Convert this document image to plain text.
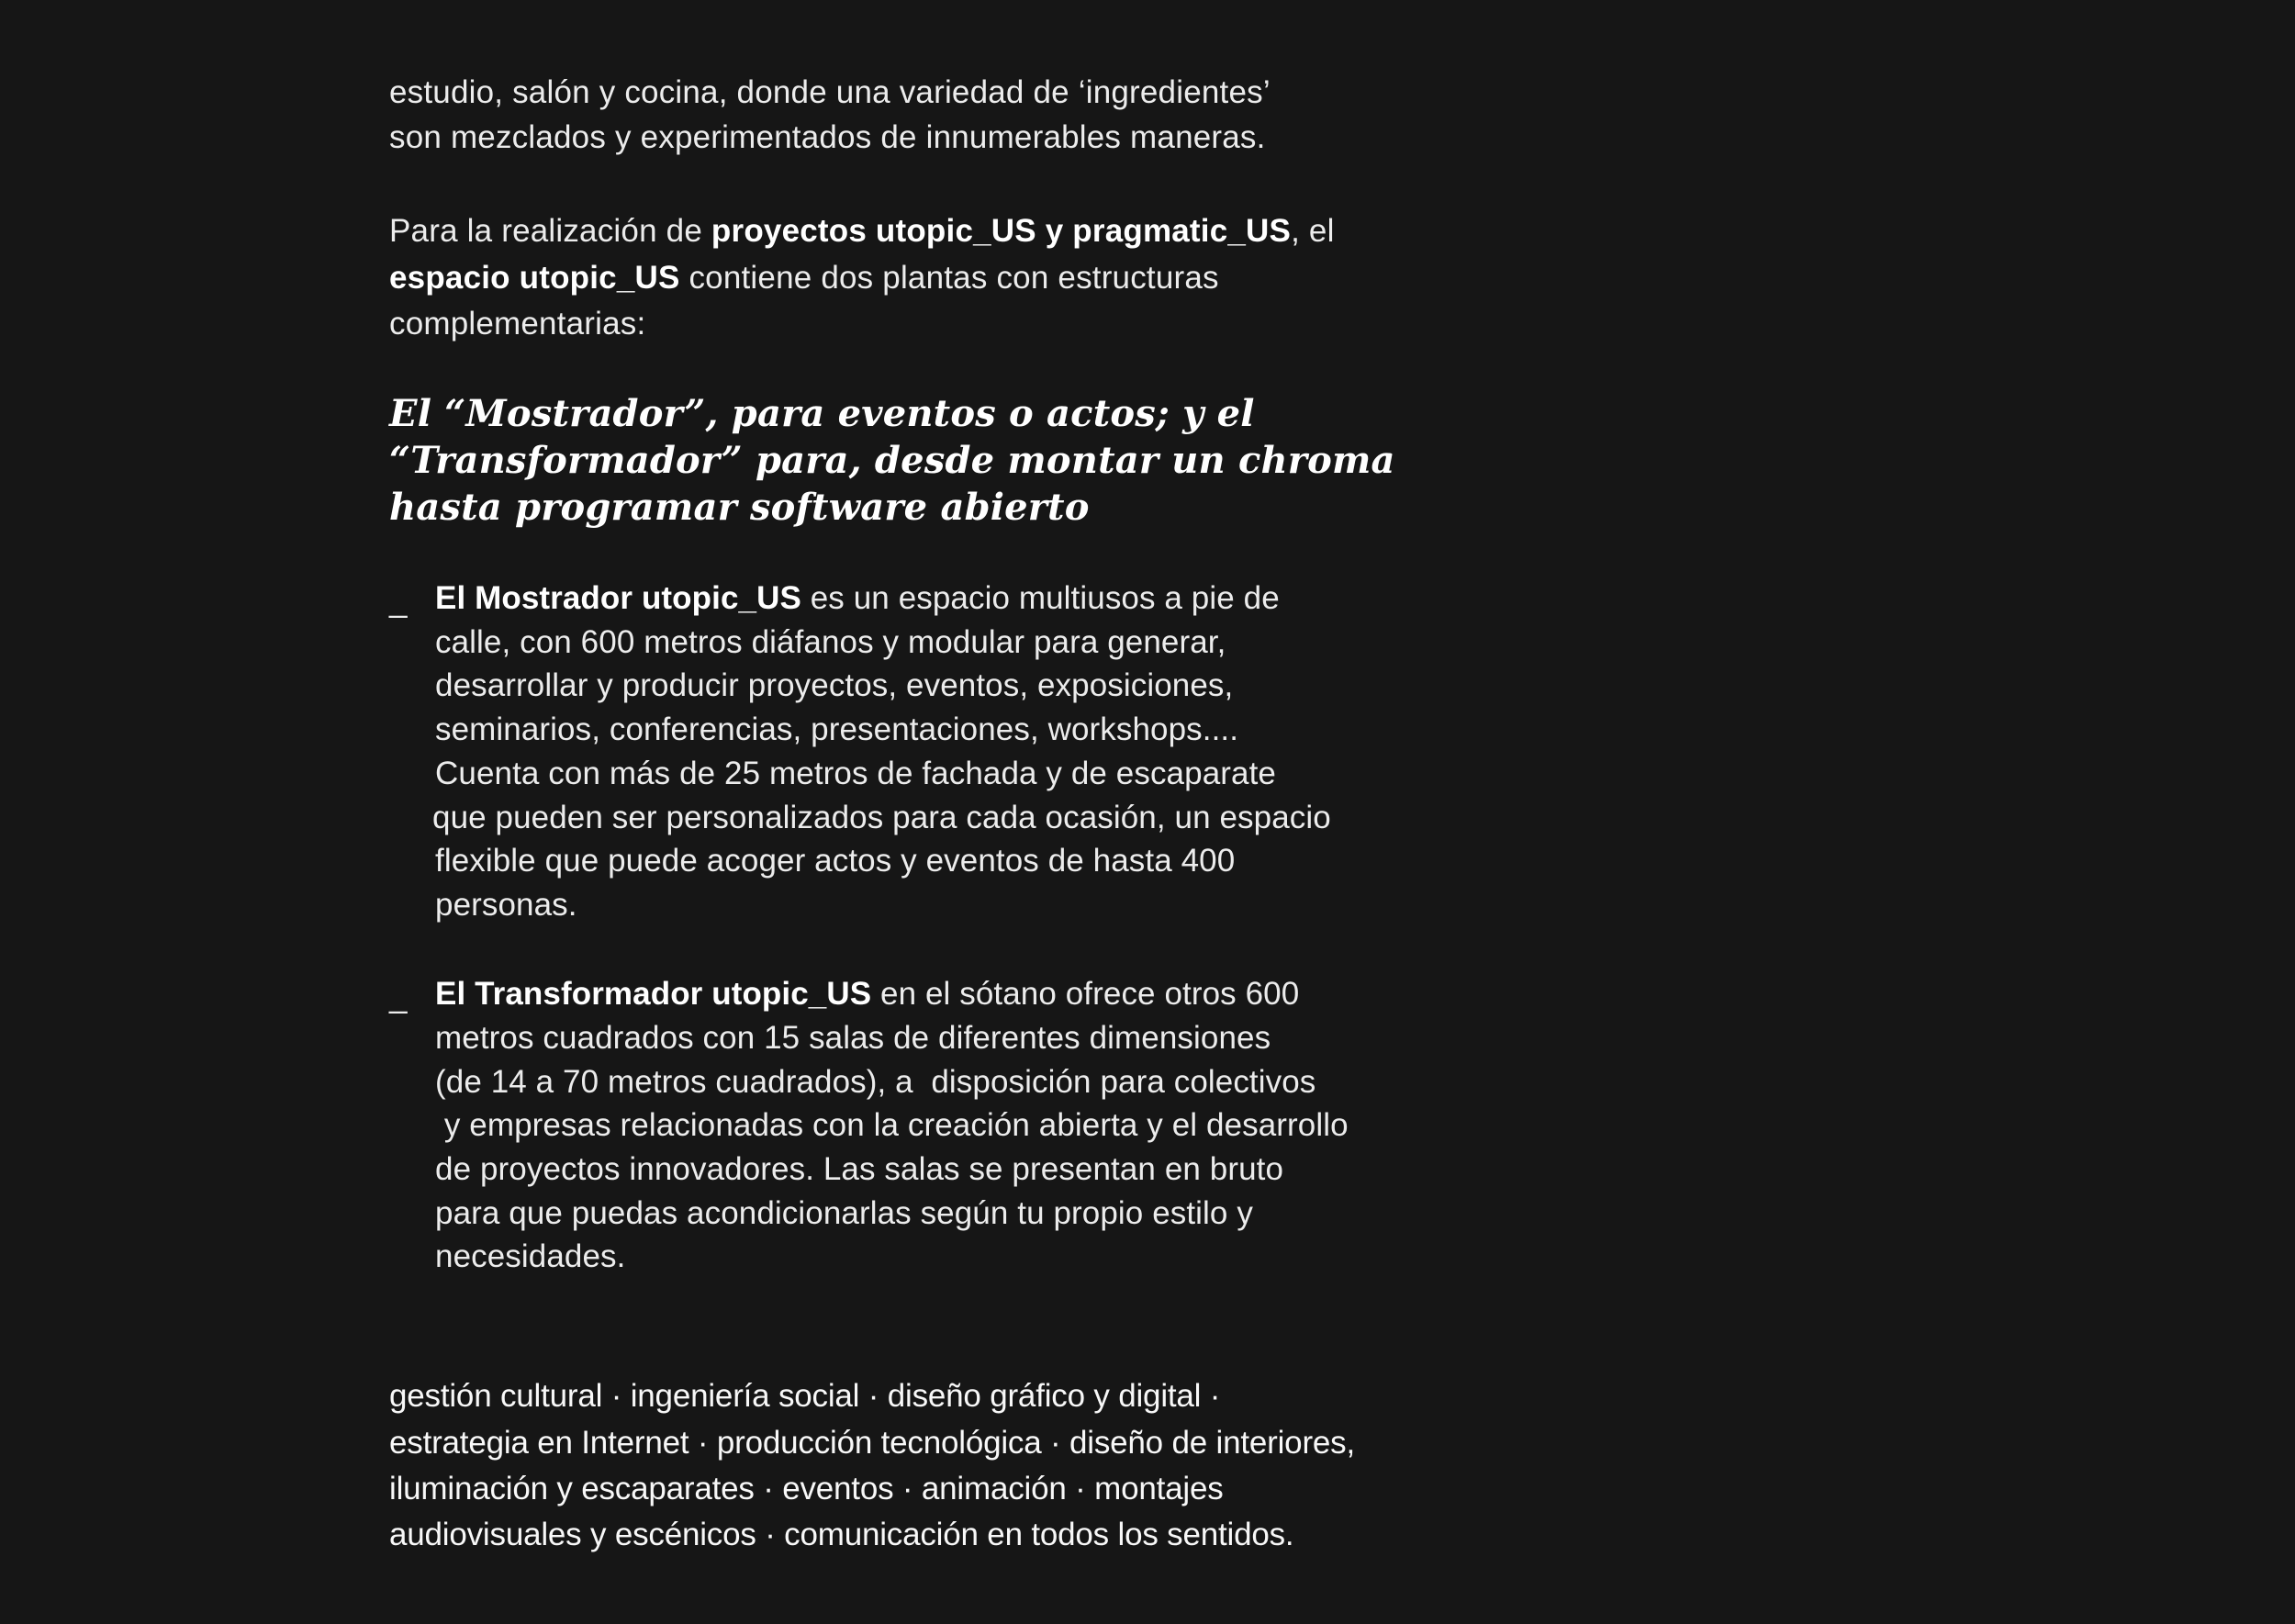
estudio, salón y cocina, donde una variedad de ‘ingredientes’
son mezclados y experimentados de innumerables maneras.
Para la realización de proyectos utopic_US y pragmatic_US, el
espacio utopic_US contiene dos plantas con estructuras
complementarias:
El “Mostrador”, para eventos o actos; y el
“Transformador” para, desde montar un chroma
hasta programar software abierto
_ El Mostrador utopic_US es un espacio multiusos a pie de
calle, con 600 metros diáfanos y modular para generar,
desarrollar y producir proyectos, eventos, exposiciones,
seminarios, conferencias, presentaciones, workshops....
Cuenta con más de 25 metros de fachada y de escaparate
que pueden ser personalizados para cada ocasión, un espacio
flexible que puede acoger actos y eventos de hasta 400
personas.
_ El Transformador utopic_US en el sótano ofrece otros 600
metros cuadrados con 15 salas de diferentes dimensiones
(de 14 a 70 metros cuadrados), a  disposición para colectivos
y empresas relacionadas con la creación abierta y el desarrollo
de proyectos innovadores. Las salas se presentan en bruto
para que puedas acondicionarlas según tu propio estilo y
necesidades.
gestión cultural · ingeniería social · diseño gráfico y digital ·
estrategia en Internet · producción tecnológica · diseño de interiores,
iluminación y escaparates · eventos · animación · montajes
audiovisuales y escénicos · comunicación en todos los sentidos.
